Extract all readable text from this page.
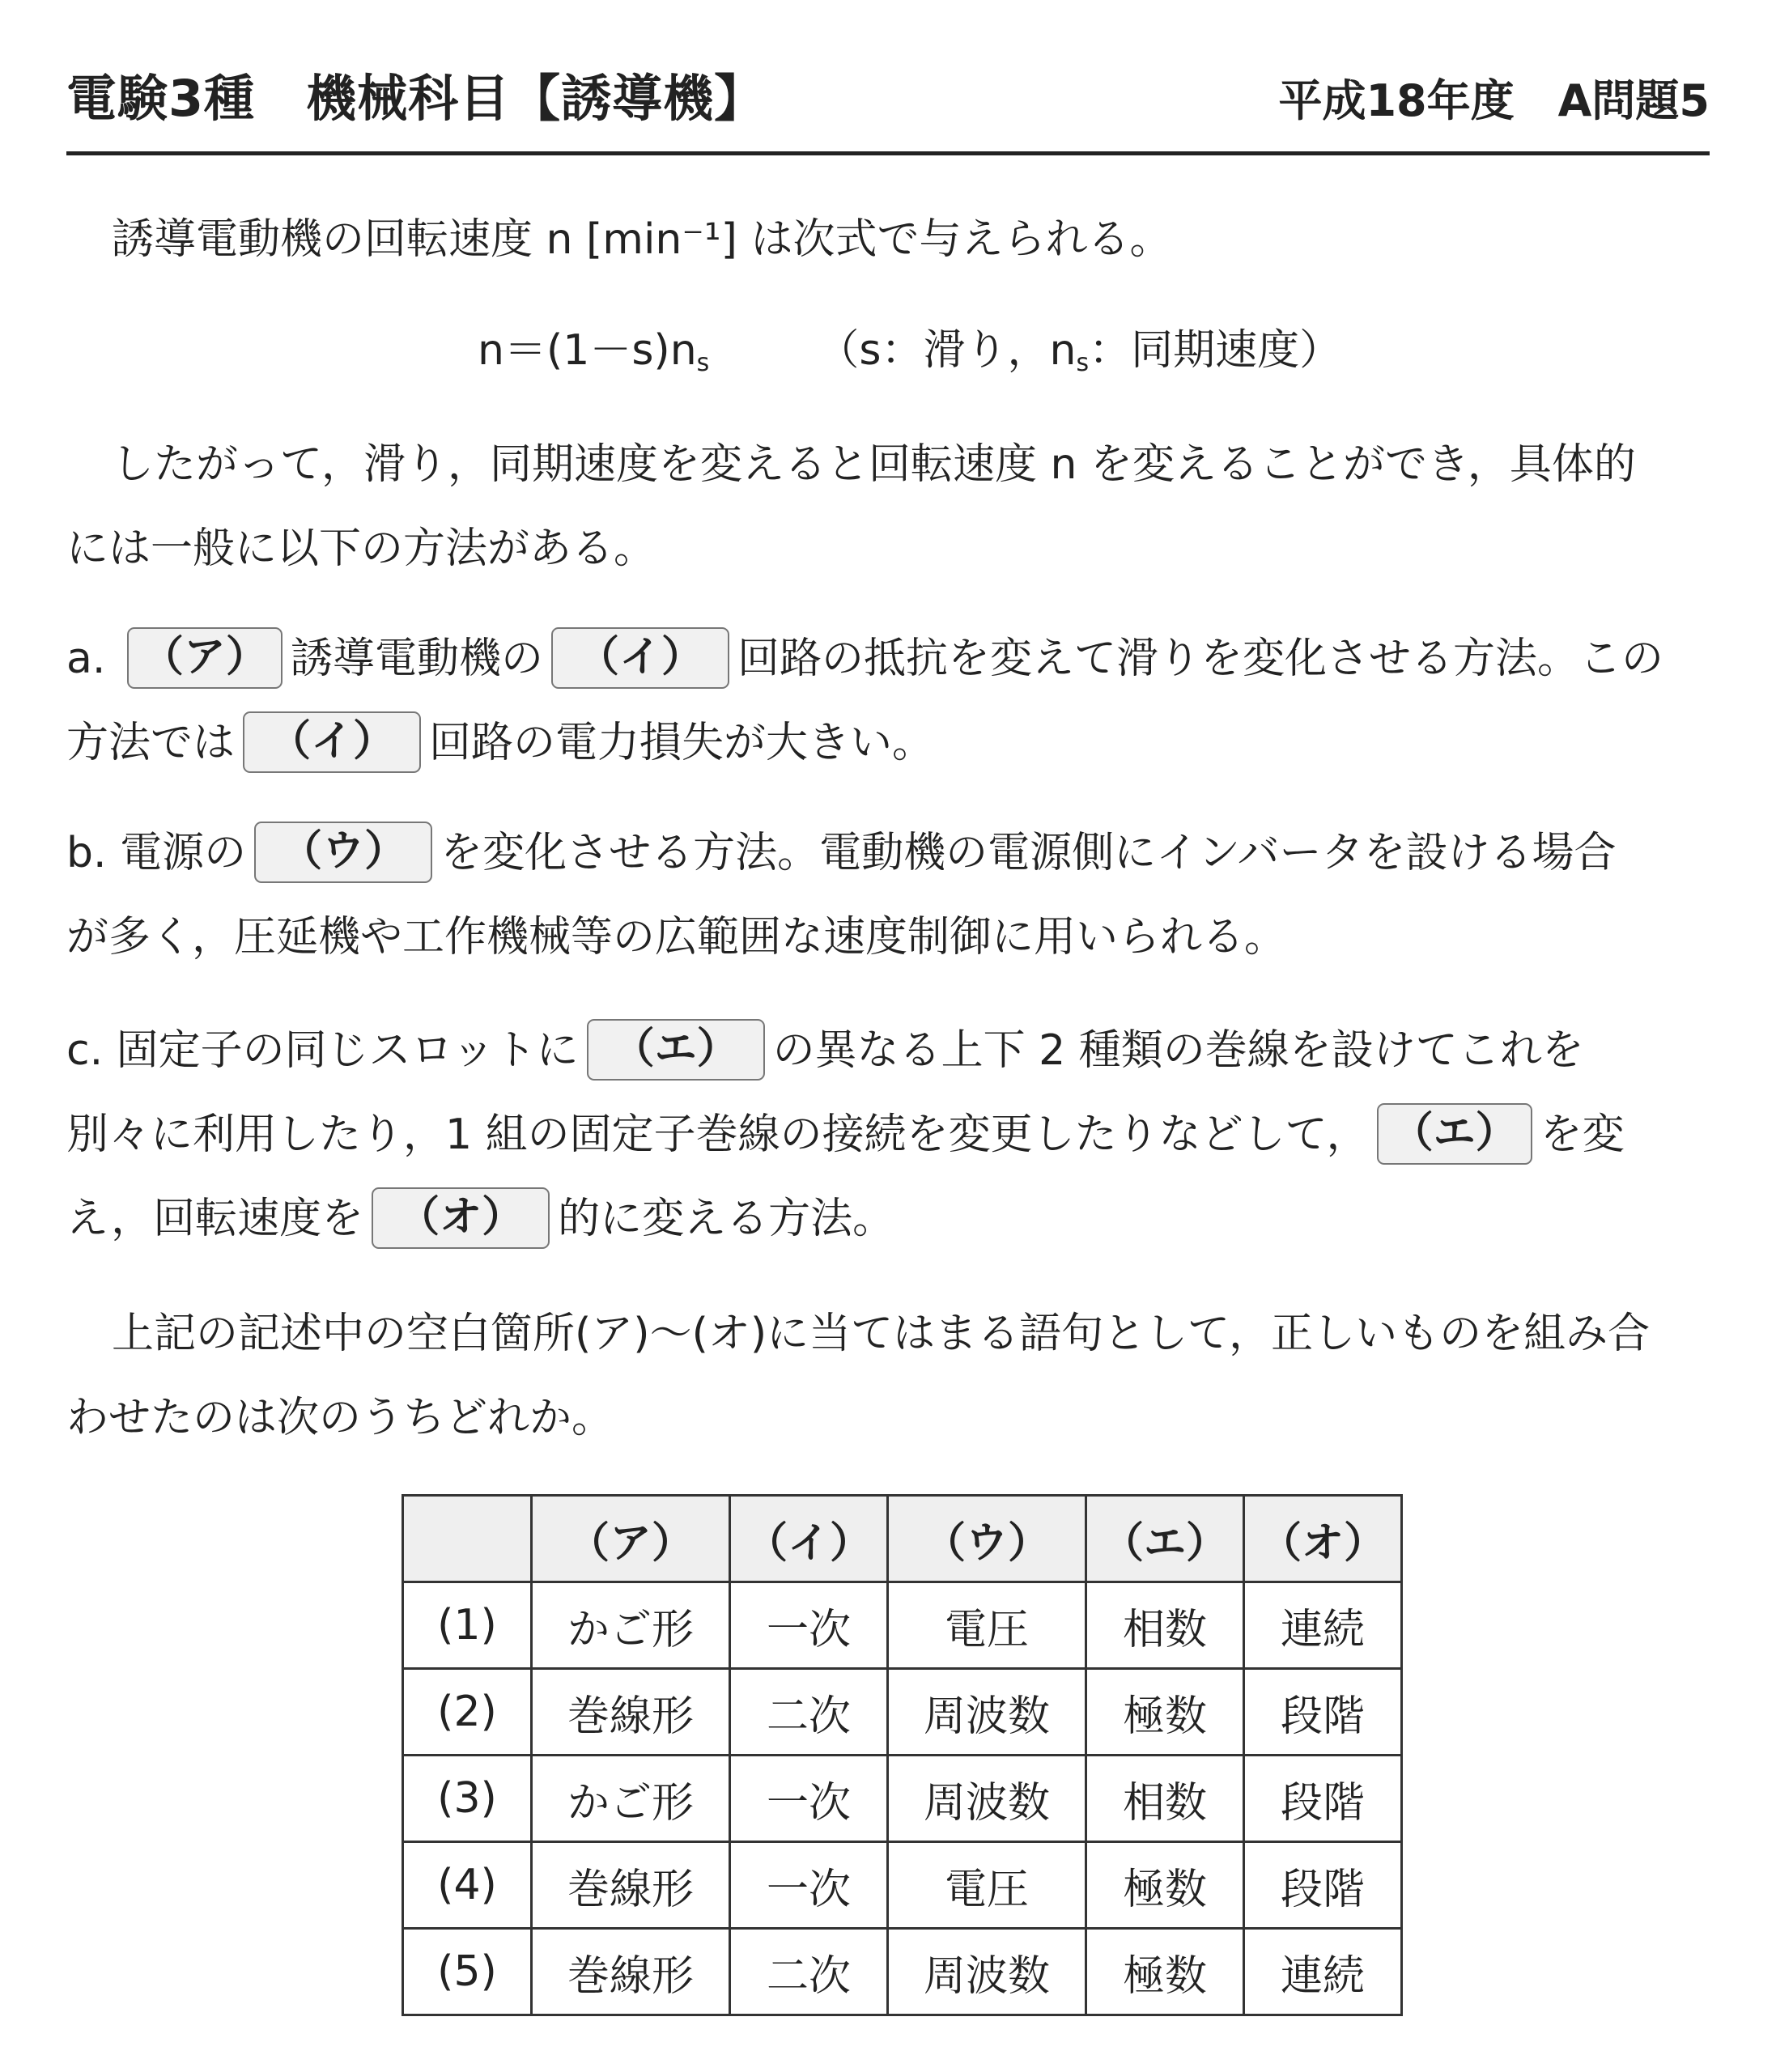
電験3種　機械科目【誘導機】	平成18年度　A問題5
誘導電動機の回転速度 n [min⁻¹] は次式で与えられる。
$n=(1-s)n_s$	（s：滑り，$n_s$：同期速度）
したがって，滑り，同期速度を変えると回転速度 n を変えることができ，具体的
には一般に以下の方法がある。
a. （ア） 誘導電動機の （イ） 回路の抵抗を変えて滑りを変化させる方法。この
方法では （イ） 回路の電力損失が大きい。
b. 電源の （ウ） を変化させる方法。電動機の電源側にインバータを設ける場合
が多く，圧延機や工作機械等の広範囲な速度制御に用いられる。
c. 固定子の同じスロットに （エ） の異なる上下 2 種類の巻線を設けてこれを
別々に利用したり，1 組の固定子巻線の接続を変更したりなどして， （エ） を変
え，回転速度を （オ） 的に変える方法。
上記の記述中の空白箇所(ア)～(オ)に当てはまる語句として，正しいものを組み合
わせたのは次のうちどれか。
	（ア）	（イ）	（ウ）	（エ）	（オ）
(1)	かご形	一次	電圧	相数	連続
(2)	巻線形	二次	周波数	極数	段階
(3)	かご形	一次	周波数	相数	段階
(4)	巻線形	一次	電圧	極数	段階
(5)	巻線形	二次	周波数	極数	連続
